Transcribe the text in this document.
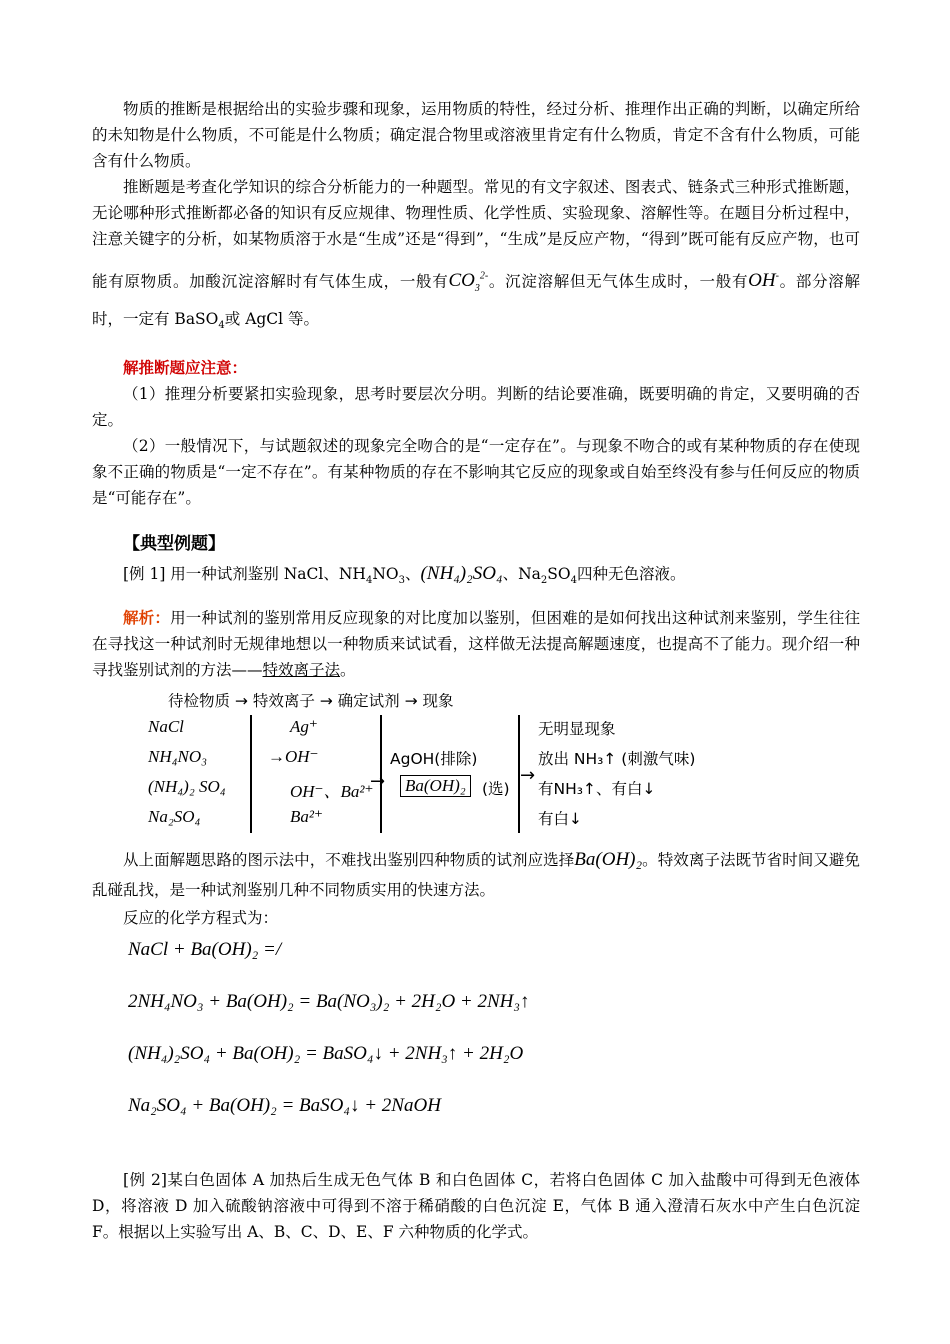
物质的推断是根据给出的实验步骤和现象，运用物质的特性，经过分析、推理作出正确的判断，以确定所给的未知物是什么物质，不可能是什么物质；确定混合物里或溶液里肯定有什么物质，肯定不含有什么物质，可能含有什么物质。

推断题是考查化学知识的综合分析能力的一种题型。常见的有文字叙述、图表式、链条式三种形式推断题，无论哪种形式推断都必备的知识有反应规律、物理性质、化学性质、实验现象、溶解性等。在题目分析过程中，注意关键字的分析，如某物质溶于水是“生成”还是“得到”，“生成”是反应产物，“得到”既可能有反应产物，也可能有原物质。加酸沉淀溶解时有气体生成，一般有$CO_3^{2-}$。沉淀溶解但无气体生成时，一般有OH-。部分溶解时，一定有 BaSO$_4$或 AgCl 等。

解推断题应注意：

（1）推理分析要紧扣实验现象，思考时要层次分明。判断的结论要准确，既要明确的肯定，又要明确的否定。

（2）一般情况下，与试题叙述的现象完全吻合的是“一定存在”。与现象不吻合的或有某种物质的存在使现象不正确的物质是“一定不存在”。有某种物质的存在不影响其它反应的现象或自始至终没有参与任何反应的物质是“可能存在”。

【典型例题】

[例 1] 用一种试剂鉴别 NaCl、$NH_4NO_3$、(NH₄)₂SO₄、$Na_2SO_4$四种无色溶液。

解析：用一种试剂的鉴别常用反应现象的对比度加以鉴别，但困难的是如何找出这种试剂来鉴别，学生往往在寻找这一种试剂时无规律地想以一种物质来试试看，这样做无法提高解题速度，也提高不了能力。现介绍一种寻找鉴别试剂的方法——特效离子法。

待检物质 → 特效离子 → 确定试剂 → 现象
NaCl
NH₄NO₃
(NH₄)₂ SO₄
Na₂SO₄
Ag⁺
→OH⁻
OH⁻、Ba²⁺
Ba²⁺
→
AgOH(排除)
Ba(OH)₂	(选)
→
无明显现象
放出 NH₃↑ (刺激气味)
有NH₃↑、有白↓
有白↓

从上面解题思路的图示法中，不难找出鉴别四种物质的试剂应选择Ba(OH)₂。特效离子法既节省时间又避免乱碰乱找，是一种试剂鉴别几种不同物质实用的快速方法。

反应的化学方程式为：

NaCl + Ba(OH)₂ =/
2NH₄NO₃ + Ba(OH)₂ = Ba(NO₃)₂ + 2H₂O + 2NH₃↑
(NH₄)₂SO₄ + Ba(OH)₂ = BaSO₄↓ + 2NH₃↑ + 2H₂O
Na₂SO₄ + Ba(OH)₂ = BaSO₄↓ + 2NaOH

[例 2]某白色固体 A 加热后生成无色气体 B 和白色固体 C，若将白色固体 C 加入盐酸中可得到无色液体 D，将溶液 D 加入硫酸钠溶液中可得到不溶于稀硝酸的白色沉淀 E，气体 B 通入澄清石灰水中产生白色沉淀 F。根据以上实验写出 A、B、C、D、E、F 六种物质的化学式。
